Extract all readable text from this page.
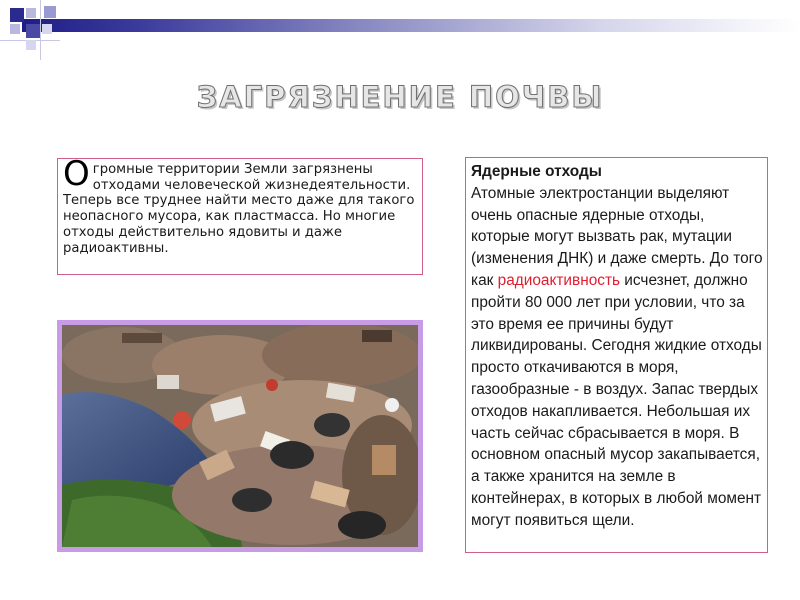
ЗАГРЯЗНЕНИЕ ПОЧВЫ
О громные территории Земли загрязнены отходами человеческой жизнедеятельности. Теперь все труднее найти место даже для такого неопасного мусора, как пластмасса. Но многие отходы действительно ядовиты и даже радиоактивны.
Ядерные отходы
Атомные электростанции выделяют очень опасные ядерные отходы, которые могут вызвать рак, мутации (изменения ДНК) и даже смерть. До того как радиоактивность исчезнет, должно пройти 80 000 лет при условии, что за это время ее причины будут ликвидированы. Сегодня жидкие отходы просто откачиваются в моря, газообразные - в воздух. Запас твердых отходов накапливается. Небольшая их часть сейчас сбрасывается в моря. В основном опасный мусор закапывается, а также хранится на земле в контейнерах, в которых в любой момент могут появиться щели.
